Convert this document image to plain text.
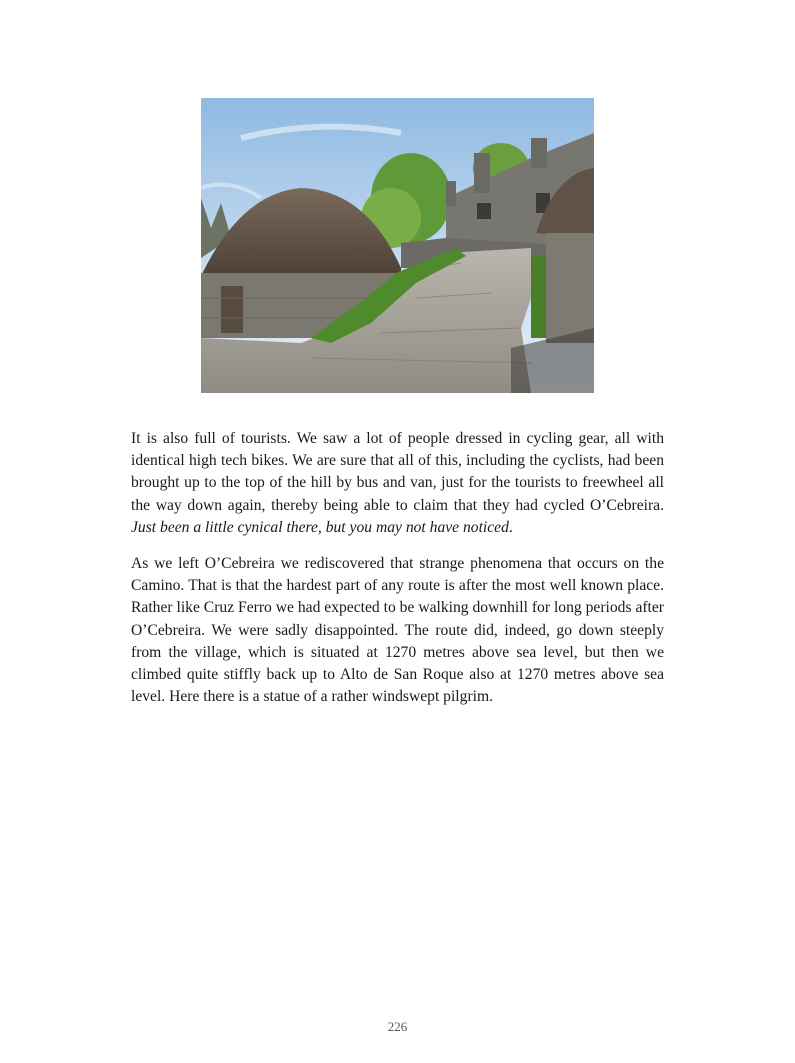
It is also full of tourists. We saw a lot of people dressed in cycling gear, all with identical high tech bikes. We are sure that all of this, including the cyclists, had been brought up to the top of the hill by bus and van, just for the tourists to freewheel all the way down again, thereby being able to claim that they had cycled O’Cebreira. Just been a little cynical there, but you may not have noticed.

As we left O’Cebreira we rediscovered that strange phenomena that occurs on the Camino. That is that the hardest part of any route is after the most well known place. Rather like Cruz Ferro we had expected to be walking downhill for long periods after O’Cebreira. We were sadly disappointed. The route did, indeed, go down steeply from the village, which is situated at 1270 metres above sea level, but then we climbed quite stiffly back up to Alto de San Roque also at 1270 metres above sea level. Here there is a statue of a rather windswept pilgrim.

226
